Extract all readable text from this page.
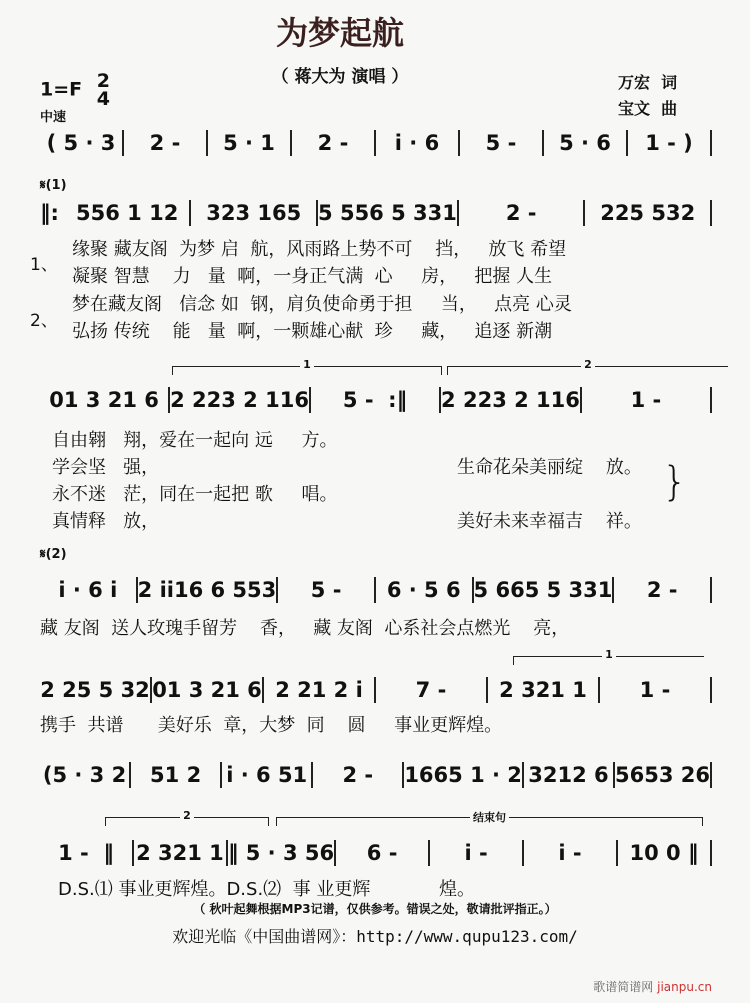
为梦起航
（ 蒋大为 演唱 ）
1=F 2
4
中速
万宏  词
宝文  曲
𝄋(1)
1、
2、
缘聚 藏友阁  为梦 启  航，风雨路上势不可    挡，   放飞 希望
凝聚 智慧    力   量  啊，一身正气满  心     房，   把握 人生
梦在藏友阁   信念 如  钢，肩负使命勇于担     当，   点亮 心灵
弘扬 传统    能   量  啊，一颗雄心献  珍     藏，   追逐 新潮
1	2
自由翱   翔，爱在一起向 远     方。
学会坚   强，
永不迷   茫，同在一起把 歌     唱。
真情释   放，
生命花朵美丽绽    放。
美好未来幸福吉    祥。
}
𝄋(2)
藏 友阁  送人玫瑰手留芳    香，   藏 友阁  心系社会点燃光    亮，
1
携手  共谱      美好乐  章，大梦  同    圆     事业更辉煌。
2	结束句
D.S.⑴ 事业更辉煌。D.S.⑵  事 业更辉            煌。
（ 秋叶起舞根据MP3记谱，仅供参考。错误之处，敬请批评指正。）
欢迎光临《中国曲谱网》：http://www.qupu123.com/
歌谱简谱网 jianpu.cn
( 5 · 3	2 -	5 · 1	2 -	i · 6	5 -	5 · 6	1 - )
‖: 556 1 12	323 165 5 556 5 331	2 -	225 532
01 3 21 6 2 223 2 116	5 -  :‖	2 223 2 116	1 -
i · 6 i 2 ii16 6 553	5 -	6 · 5 6 5 665 5 331	2 -
2 25 5 32 01 3 21 6 2 21 2 i	7 -	2 321 1	1 -
(5 · 3 2	51 2	i · 6 51	2 -	1665 1 · 2 3212 6 5653 26
1 -  ‖	2 321 1 ‖ 5 · 3 56	6 -	i -	i -	10 0 ‖
